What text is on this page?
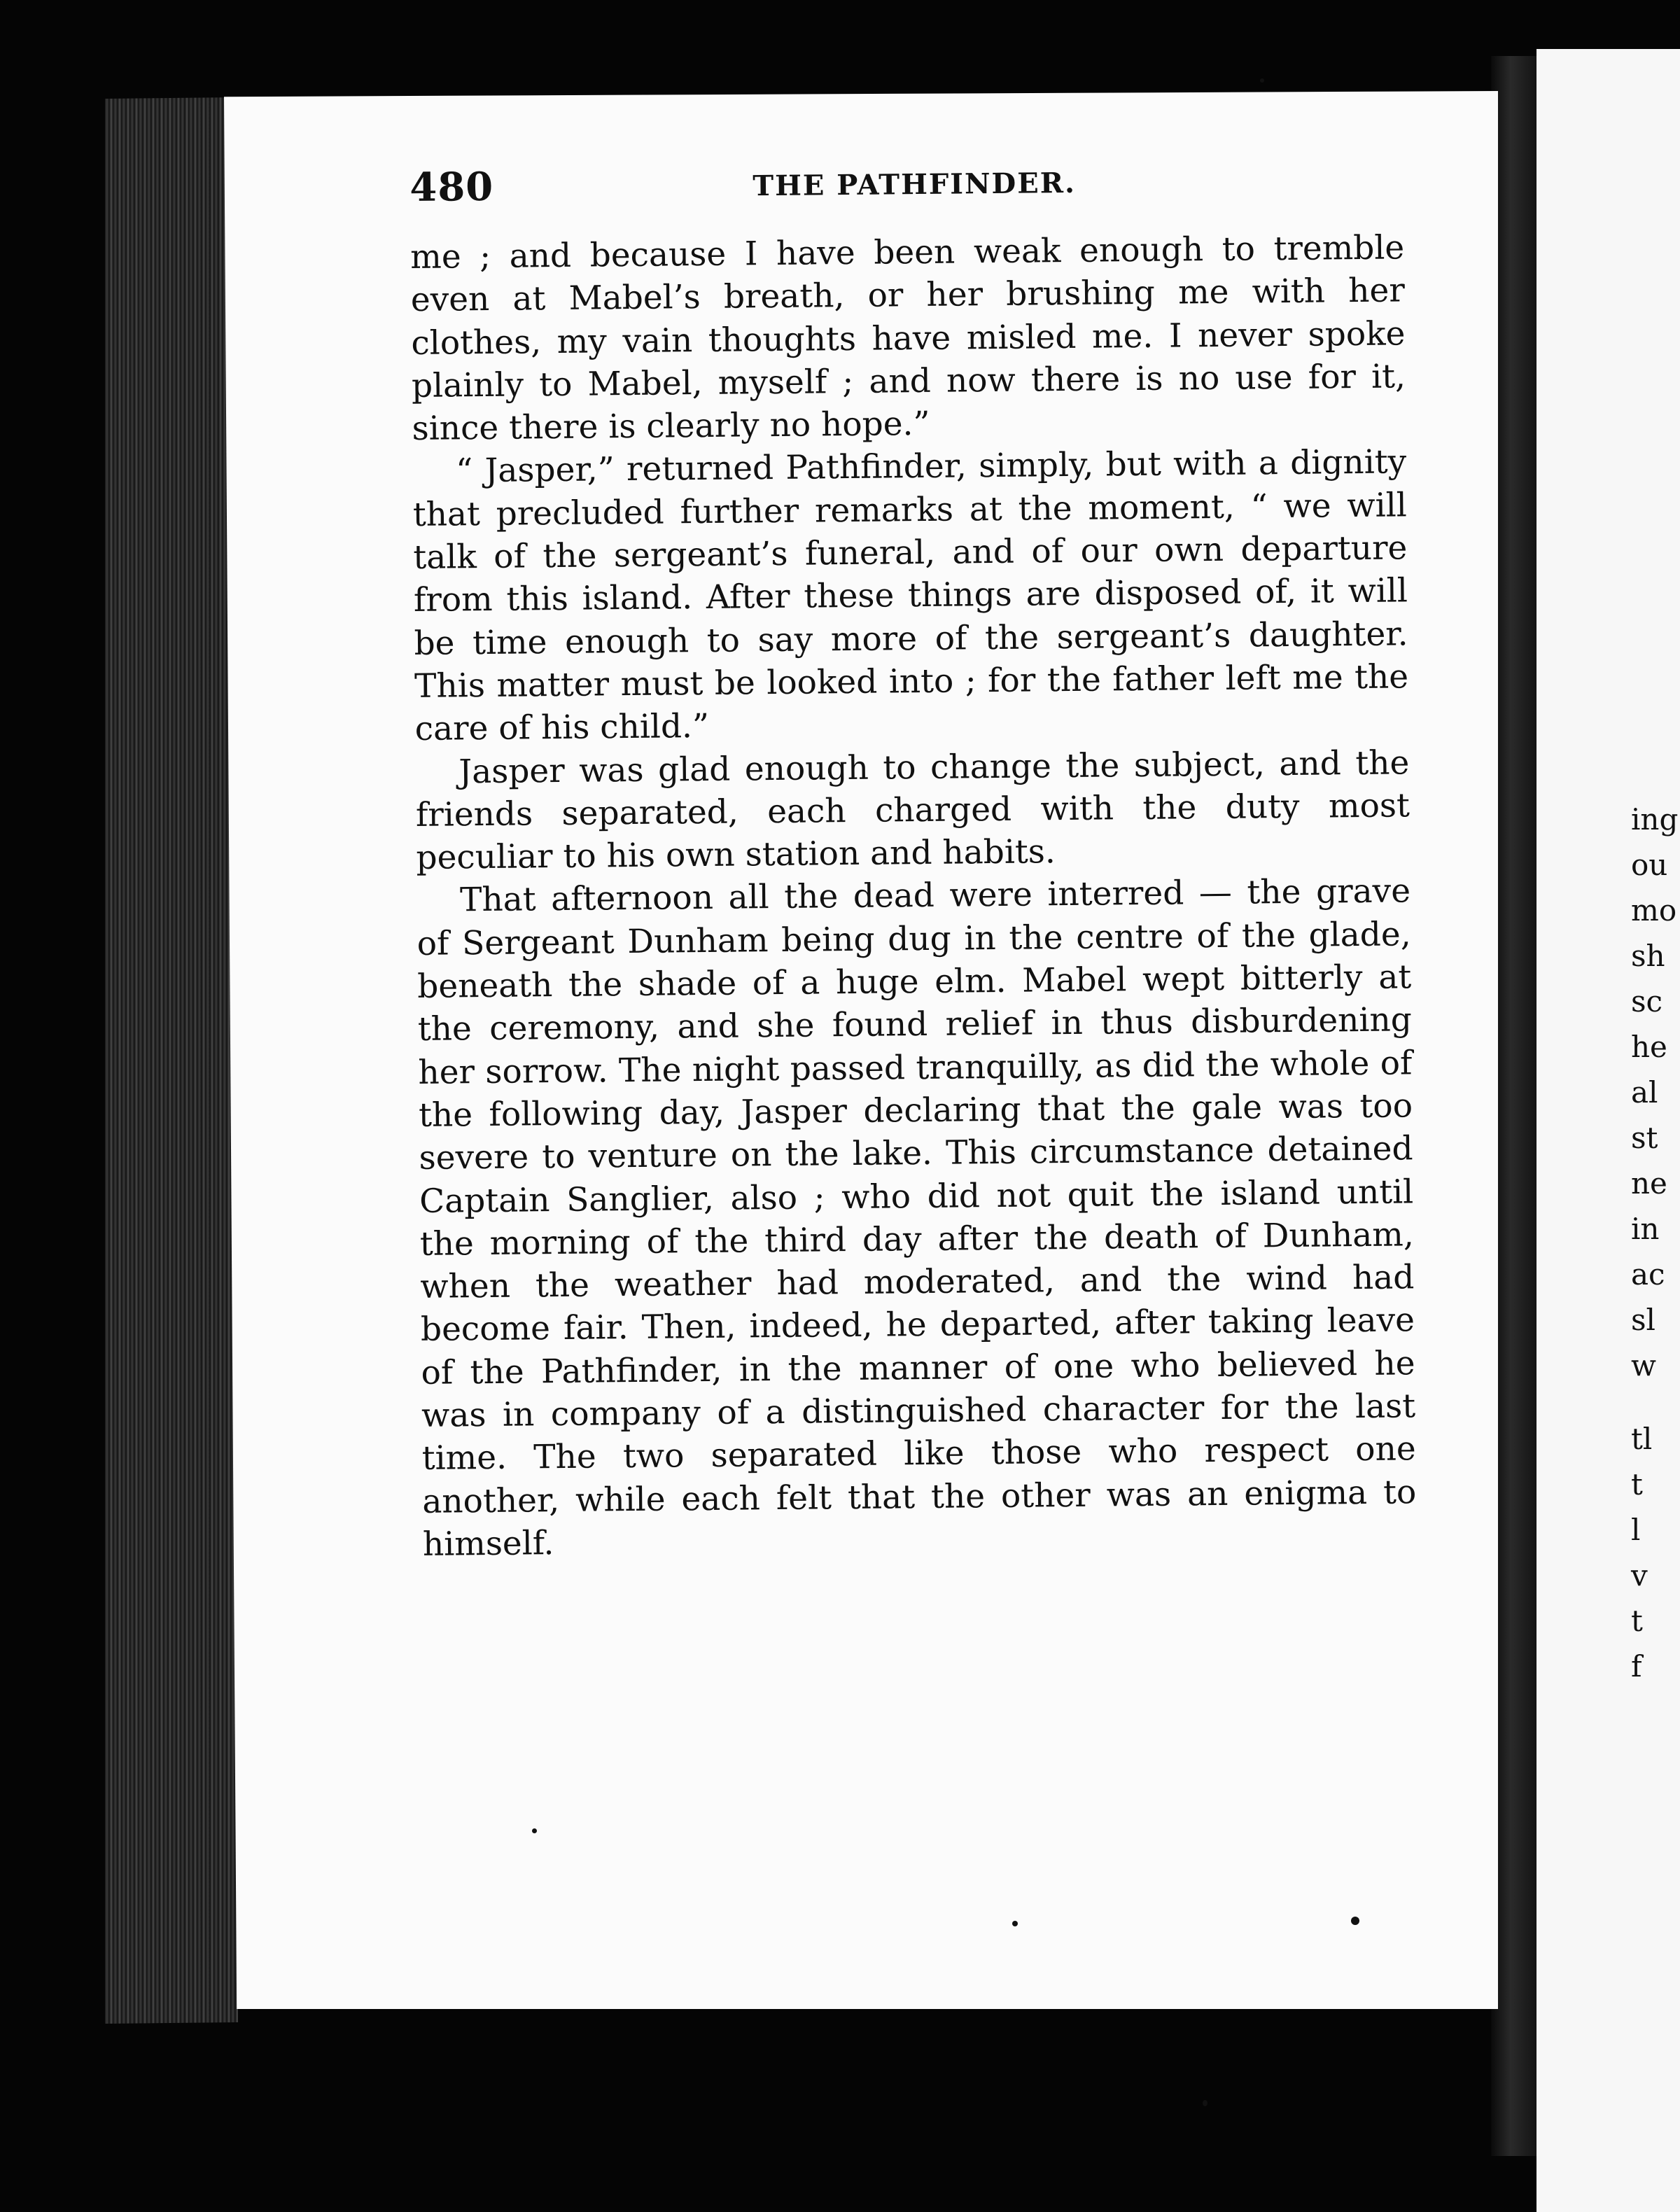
ing
ou
mo
sh
sc
he
al
st
ne
in
ac
sl
w
tl
t
l
v
t
f
480	THE PATHFINDER.

me ; and because I have been weak enough to tremble even at Mabel’s breath, or her brushing me with her clothes, my vain thoughts have misled me. I never spoke plainly to Mabel, myself ; and now there is no use for it, since there is clearly no hope.”

“ Jasper,” returned Pathfinder, simply, but with a dignity that precluded further remarks at the moment, “ we will talk of the sergeant’s funeral, and of our own departure from this island. After these things are disposed of, it will be time enough to say more of the sergeant’s daughter. This matter must be looked into ; for the father left me the care of his child.”

Jasper was glad enough to change the subject, and the friends separated, each charged with the duty most peculiar to his own station and habits.

That afternoon all the dead were interred — the grave of Sergeant Dunham being dug in the centre of the glade, beneath the shade of a huge elm. Mabel wept bitterly at the ceremony, and she found relief in thus disburdening her sorrow. The night passed tranquilly, as did the whole of the following day, Jasper declaring that the gale was too severe to venture on the lake. This circumstance detained Captain Sanglier, also ; who did not quit the island until the morning of the third day after the death of Dunham, when the weather had moderated, and the wind had become fair. Then, indeed, he departed, after taking leave of the Pathfinder, in the manner of one who believed he was in company of a distinguished character for the last time. The two separated like those who respect one another, while each felt that the other was an enigma to himself.
